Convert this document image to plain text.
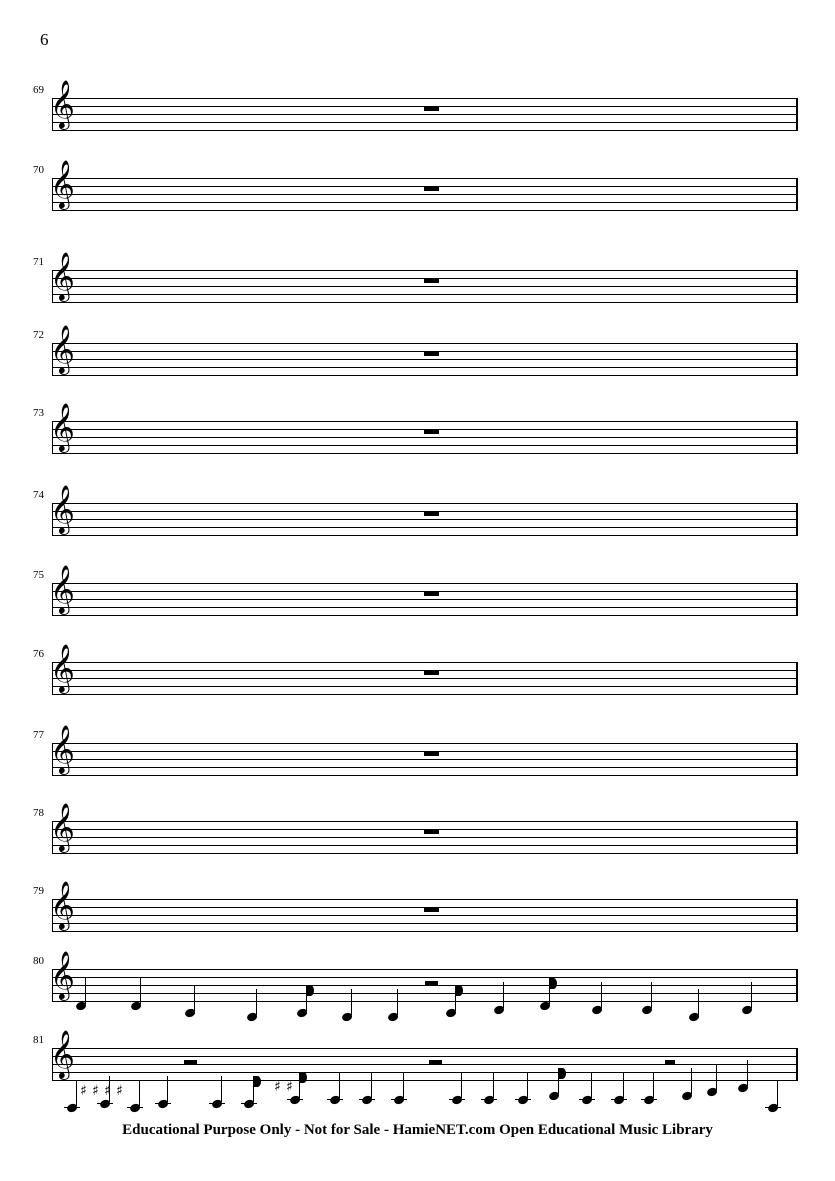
6
69 𝄞
70 𝄞
71 𝄞
72 𝄞
73 𝄞
74 𝄞
75 𝄞
76 𝄞
77 𝄞
78 𝄞
79 𝄞
80 𝄞
81
♯ ♯ ♯ ♯	♯ ♯
𝄞
Educational Purpose Only - Not for Sale - HamieNET.com Open Educational Music Library
